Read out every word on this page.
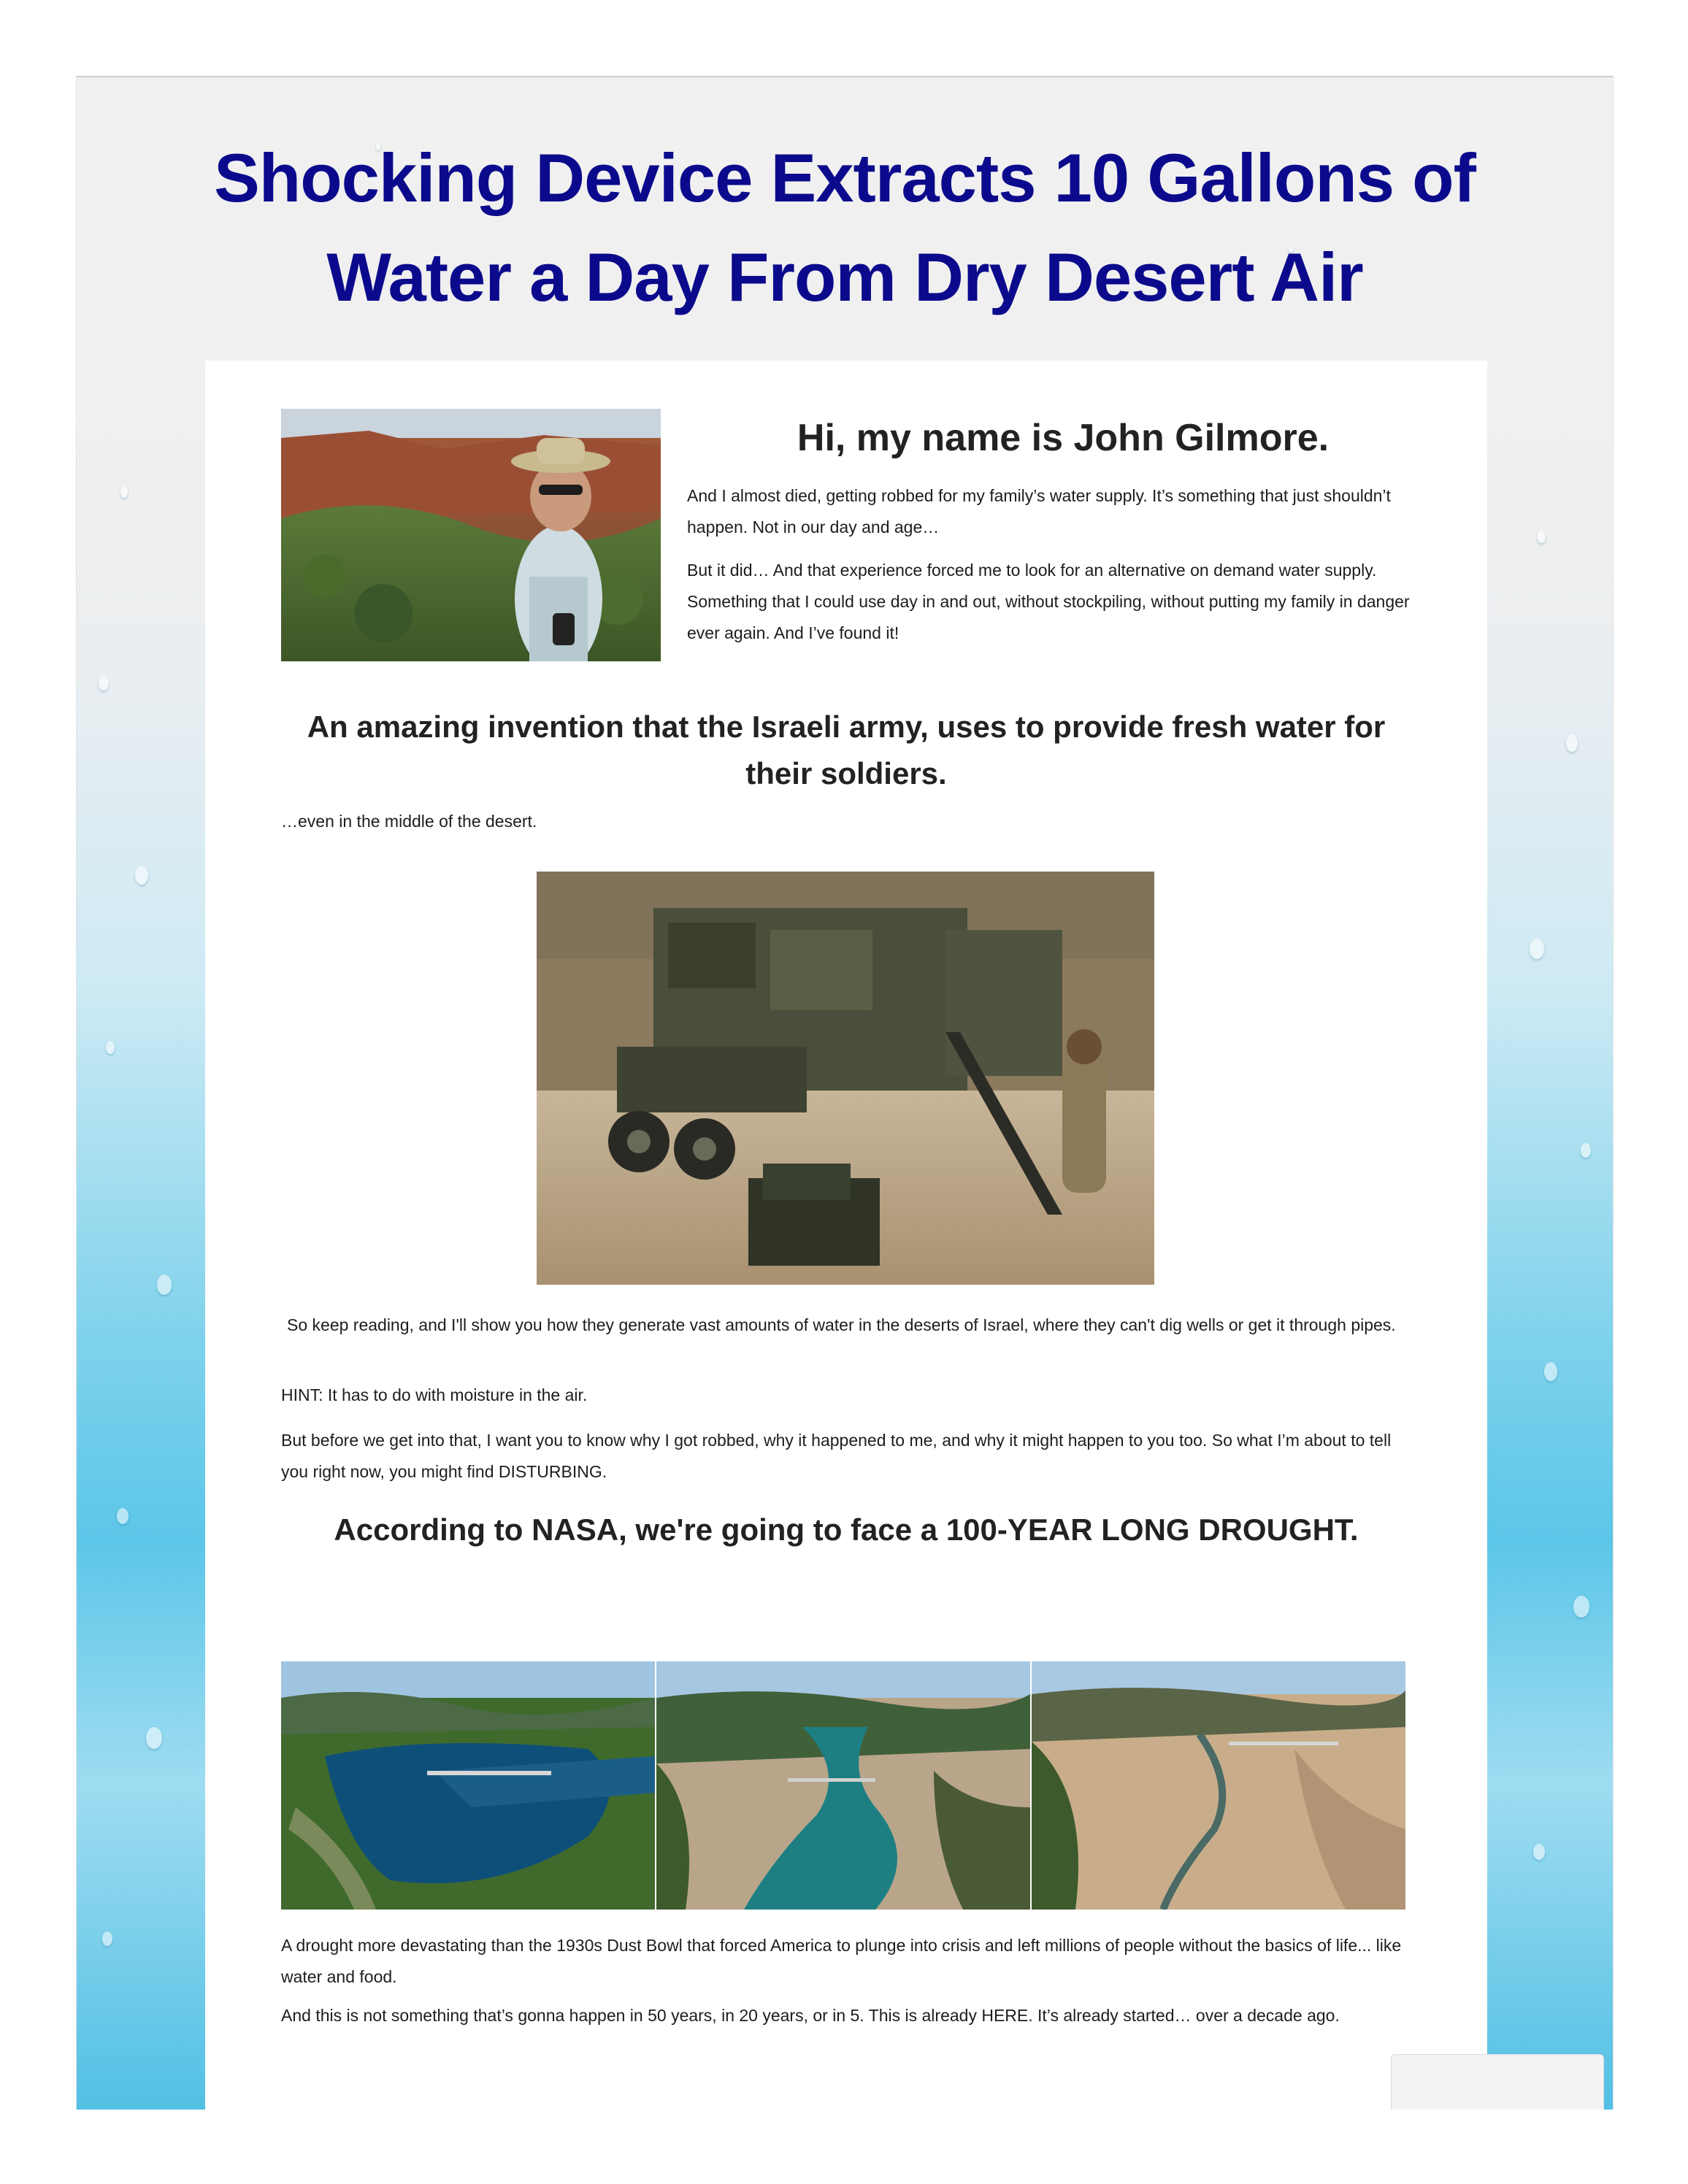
Shocking Device Extracts 10 Gallons of
Water a Day From Dry Desert Air
Hi, my name is John Gilmore.

And I almost died, getting robbed for my family’s water supply. It’s something that just shouldn’t happen. Not in our day and age…

But it did… And that experience forced me to look for an alternative on demand water supply. Something that I could use day in and out, without stockpiling, without putting my family in danger ever again. And I’ve found it!

An amazing invention that the Israeli army, uses to provide fresh water for their soldiers.

…even in the middle of the desert.

So keep reading, and I'll show you how they generate vast amounts of water in the deserts of Israel, where they can't dig wells or get it through pipes.

HINT: It has to do with moisture in the air.

But before we get into that, I want you to know why I got robbed, why it happened to me, and why it might happen to you too. So what I’m about to tell you right now, you might find DISTURBING.

According to NASA, we're going to face a 100-YEAR LONG DROUGHT.

A drought more devastating than the 1930s Dust Bowl that forced America to plunge into crisis and left millions of people without the basics of life... like water and food.

And this is not something that’s gonna happen in 50 years, in 20 years, or in 5. This is already HERE. It’s already started… over a decade ago.
